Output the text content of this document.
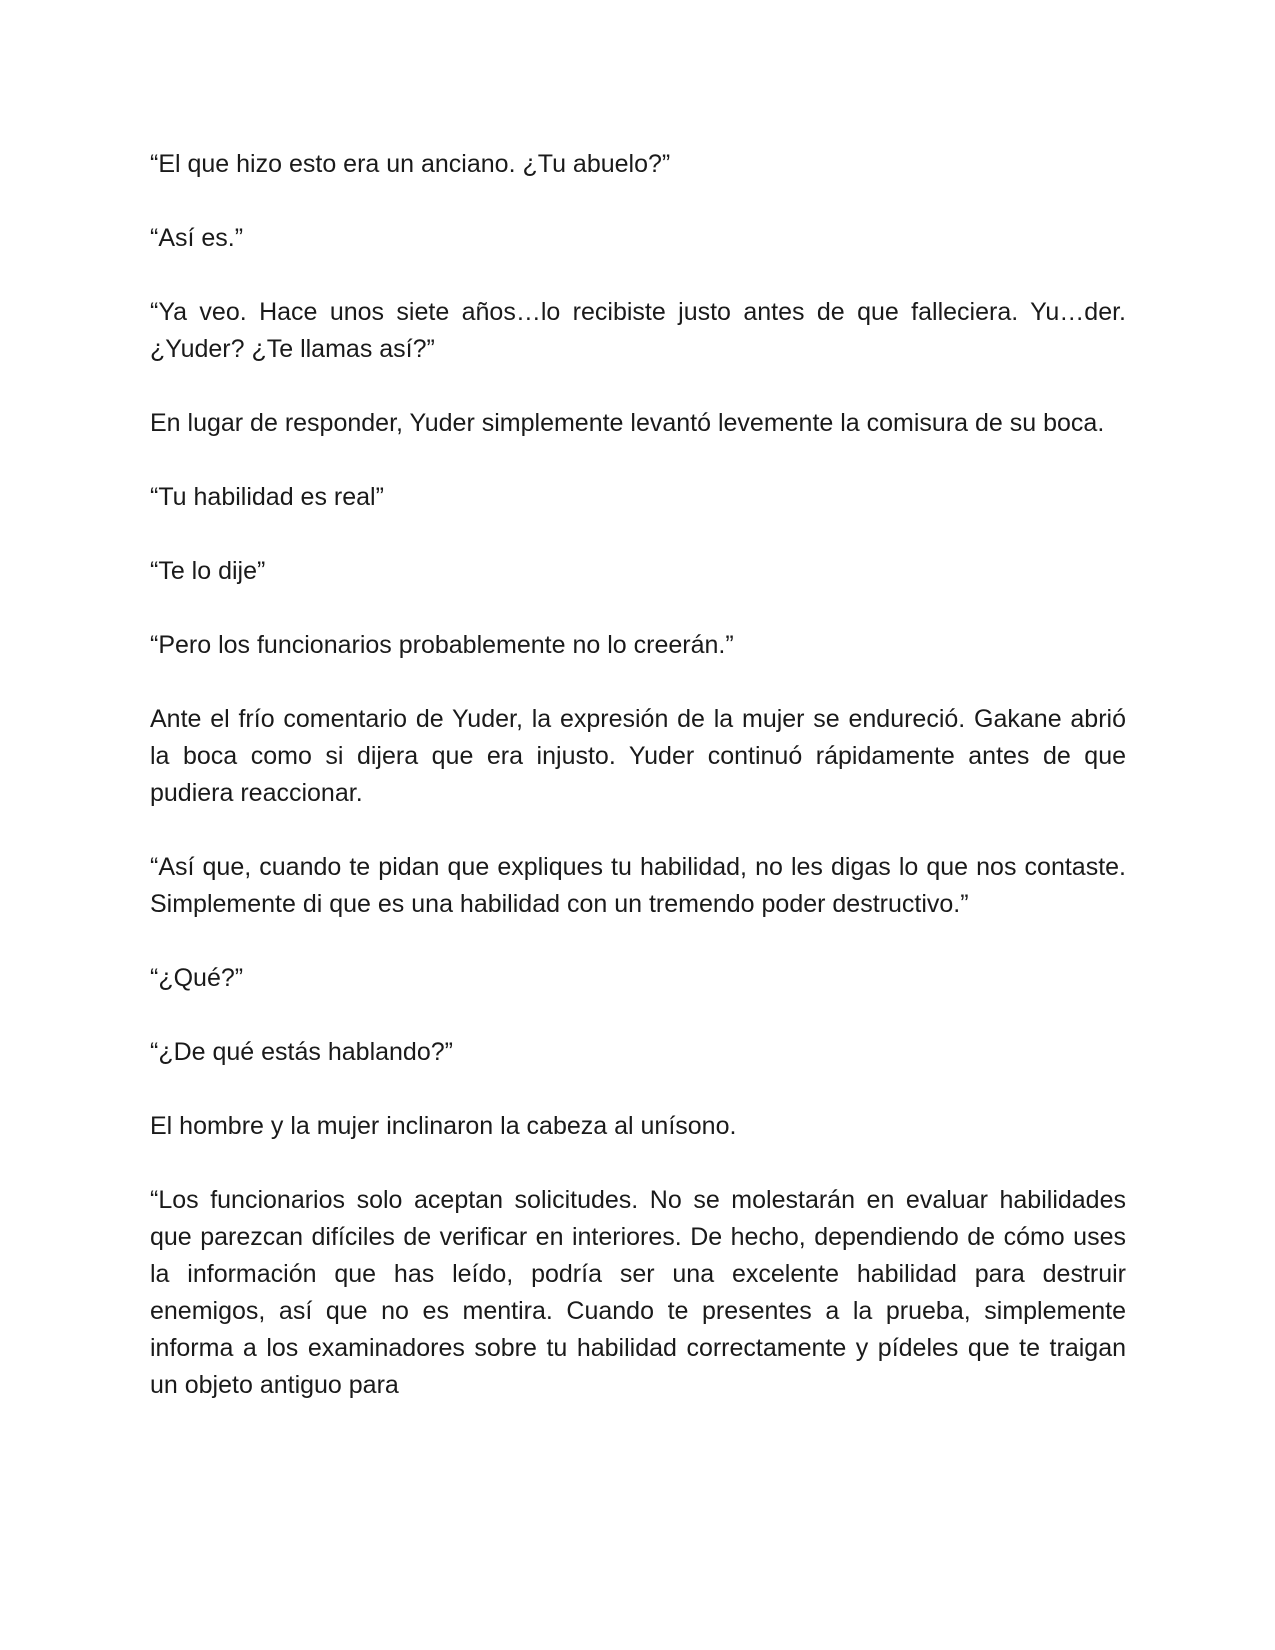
“El que hizo esto era un anciano. ¿Tu abuelo?”

“Así es.”

“Ya veo. Hace unos siete años…lo recibiste justo antes de que falleciera. Yu…der. ¿Yuder? ¿Te llamas así?”

En lugar de responder, Yuder simplemente levantó levemente la comisura de su boca.

“Tu habilidad es real”

“Te lo dije”

“Pero los funcionarios probablemente no lo creerán.”

Ante el frío comentario de Yuder, la expresión de la mujer se endureció. Gakane abrió la boca como si dijera que era injusto. Yuder continuó rápidamente antes de que pudiera reaccionar.

“Así que, cuando te pidan que expliques tu habilidad, no les digas lo que nos contaste. Simplemente di que es una habilidad con un tremendo poder destructivo.”

“¿Qué?”

“¿De qué estás hablando?”

El hombre y la mujer inclinaron la cabeza al unísono.

“Los funcionarios solo aceptan solicitudes. No se molestarán en evaluar habilidades que parezcan difíciles de verificar en interiores. De hecho, dependiendo de cómo uses la información que has leído, podría ser una excelente habilidad para destruir enemigos, así que no es mentira. Cuando te presentes a la prueba, simplemente informa a los examinadores sobre tu habilidad correctamente y pídeles que te traigan un objeto antiguo para
